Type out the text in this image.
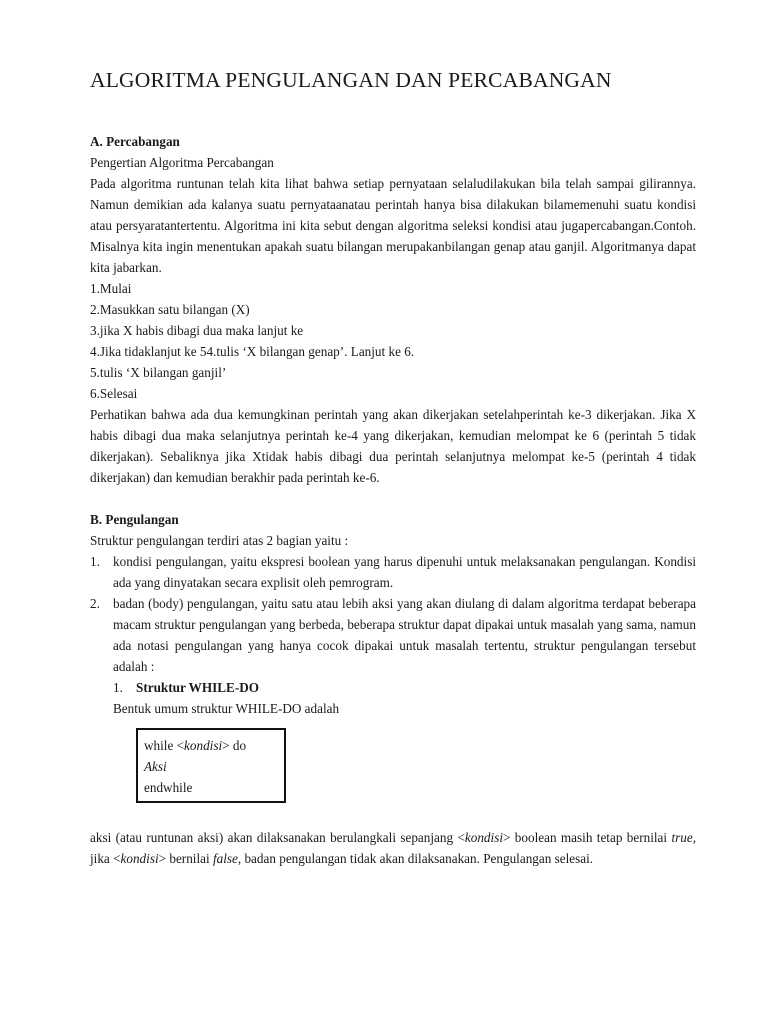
ALGORITMA PENGULANGAN DAN PERCABANGAN

A. Percabangan

Pengertian Algoritma Percabangan

Pada algoritma runtunan telah kita lihat bahwa setiap pernyataan selaludilakukan bila telah sampai gilirannya. Namun demikian ada kalanya suatu pernyataanatau perintah hanya bisa dilakukan bilamemenuhi suatu kondisi atau persyaratantertentu. Algoritma ini kita sebut dengan algoritma seleksi kondisi atau jugapercabangan.Contoh. Misalnya kita ingin menentukan apakah suatu bilangan merupakanbilangan genap atau ganjil. Algoritmanya dapat kita jabarkan.

1.Mulai

2.Masukkan satu bilangan (X)

3.jika X habis dibagi dua maka lanjut ke

4.Jika tidaklanjut ke 54.tulis ‘X bilangan genap’. Lanjut ke 6.

5.tulis ‘X bilangan ganjil’

6.Selesai

Perhatikan bahwa ada dua kemungkinan perintah yang akan dikerjakan setelahperintah ke-3 dikerjakan. Jika X habis dibagi dua maka selanjutnya perintah ke-4 yang dikerjakan, kemudian melompat ke 6 (perintah 5 tidak dikerjakan). Sebaliknya jika Xtidak habis dibagi dua perintah selanjutnya melompat ke-5 (perintah 4 tidak dikerjakan) dan kemudian berakhir pada perintah ke-6.

B. Pengulangan

Struktur pengulangan terdiri atas 2 bagian yaitu :

1. kondisi pengulangan, yaitu ekspresi boolean yang harus dipenuhi untuk melaksanakan pengulangan. Kondisi ada yang dinyatakan secara explisit oleh pemrogram.
2. badan (body) pengulangan, yaitu satu atau lebih aksi yang akan diulang di dalam algoritma terdapat beberapa macam struktur pengulangan yang berbeda, beberapa struktur dapat dipakai untuk masalah yang sama, namun ada notasi pengulangan yang hanya cocok dipakai untuk masalah tertentu, struktur pengulangan tersebut adalah :
1. Struktur WHILE-DO

Bentuk umum struktur WHILE-DO adalah

while <kondisi> do
Aksi
endwhile

aksi (atau runtunan aksi) akan dilaksanakan berulangkali sepanjang <kondisi> boolean masih tetap bernilai true, jika <kondisi> bernilai false, badan pengulangan tidak akan dilaksanakan. Pengulangan selesai.
